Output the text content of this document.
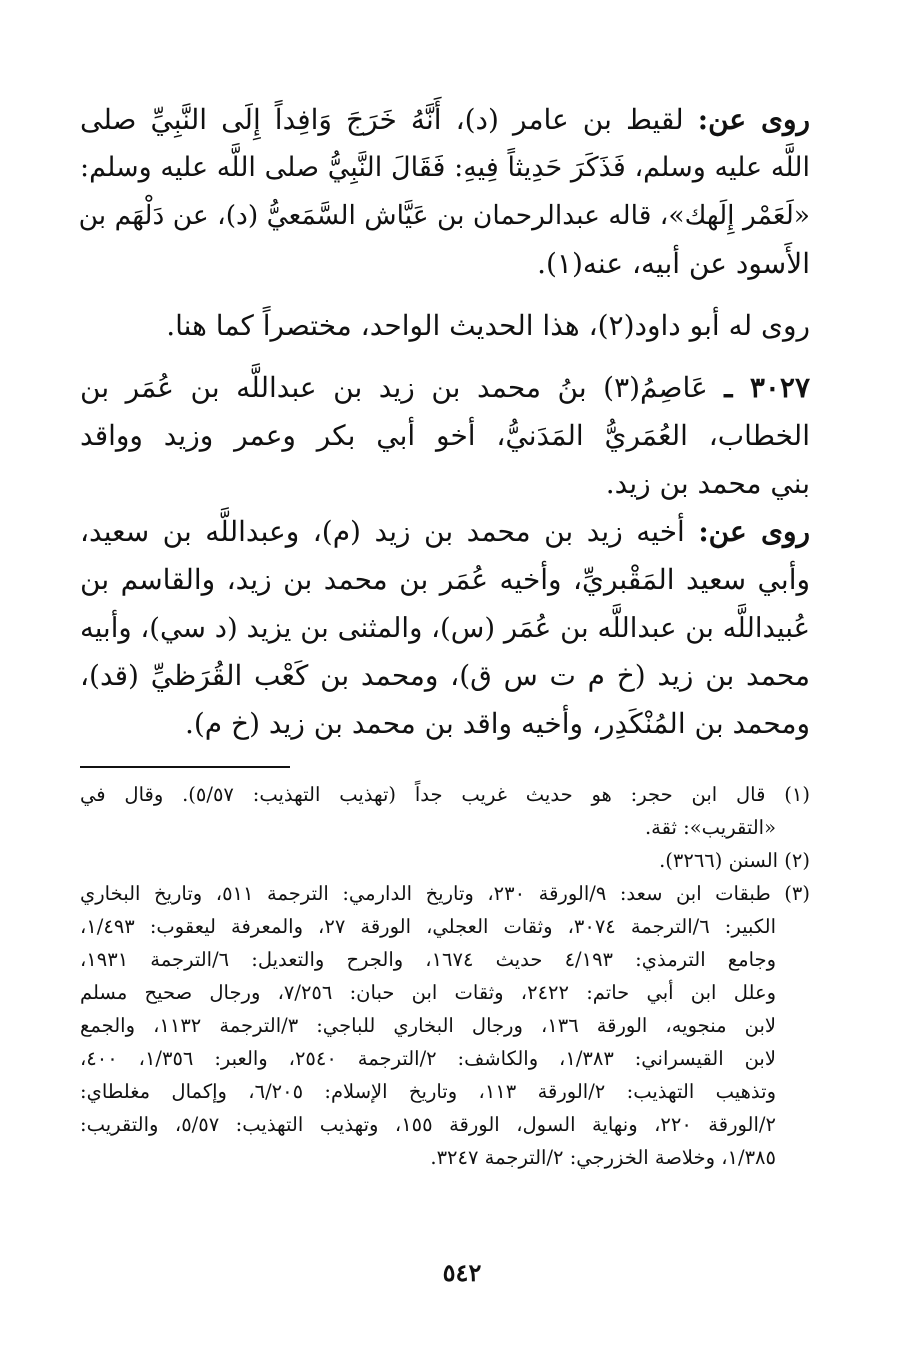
روى عن: لقيط بن عامر (د)، أَنَّهُ خَرَجَ وَافِداً إِلَى النَّبِيِّ صلى
اللَّه عليه وسلم، فَذَكَرَ حَدِيثاً فِيهِ: فَقَالَ النَّبِيُّ صلى اللَّه عليه وسلم:
«لَعَمْر إِلَهك»، قاله عبدالرحمان بن عَيَّاش السَّمَعيُّ (د)، عن دَلْهَم بن
الأَسود عن أبيه، عنه(١).
روى له أبو داود(٢)، هذا الحديث الواحد، مختصراً كما هنا.
٣٠٢٧ ـ عَاصِمُ(٣) بنُ محمد بن زيد بن عبداللَّه بن عُمَر بن
الخطاب، العُمَريُّ المَدَنيُّ، أخو أبي بكر وعمر وزيد وواقد
بني محمد بن زيد.
روى عن: أخيه زيد بن محمد بن زيد (م)، وعبداللَّه بن سعيد،
وأبي سعيد المَقْبريِّ، وأخيه عُمَر بن محمد بن زيد، والقاسم بن
عُبيداللَّه بن عبداللَّه بن عُمَر (س)، والمثنى بن يزيد (د سي)، وأبيه
محمد بن زيد (خ م ت س ق)، ومحمد بن كَعْب القُرَظيِّ (قد)،
ومحمد بن المُنْكَدِر، وأخيه واقد بن محمد بن زيد (خ م).
(١) قال ابن حجر: هو حديث غريب جداً (تهذيب التهذيب: ٥/٥٧). وقال في
«التقريب»: ثقة.
(٢) السنن (٣٢٦٦).
(٣) طبقات ابن سعد: ٩/الورقة ٢٣٠، وتاريخ الدارمي: الترجمة ٥١١، وتاريخ البخاري
الكبير: ٦/الترجمة ٣٠٧٤، وثقات العجلي، الورقة ٢٧، والمعرفة ليعقوب: ١/٤٩٣،
وجامع الترمذي: ٤/١٩٣ حديث ١٦٧٤، والجرح والتعديل: ٦/الترجمة ١٩٣١،
وعلل ابن أبي حاتم: ٢٤٢٢، وثقات ابن حبان: ٧/٢٥٦، ورجال صحيح مسلم
لابن منجويه، الورقة ١٣٦، ورجال البخاري للباجي: ٣/الترجمة ١١٣٢، والجمع
لابن القيسراني: ١/٣٨٣، والكاشف: ٢/الترجمة ٢٥٤٠، والعبر: ١/٣٥٦، ٤٠٠،
وتذهيب التهذيب: ٢/الورقة ١١٣، وتاريخ الإسلام: ٦/٢٠٥، وإكمال مغلطاي:
٢/الورقة ٢٢٠، ونهاية السول، الورقة ١٥٥، وتهذيب التهذيب: ٥/٥٧، والتقريب:
١/٣٨٥، وخلاصة الخزرجي: ٢/الترجمة ٣٢٤٧.
٥٤٢
